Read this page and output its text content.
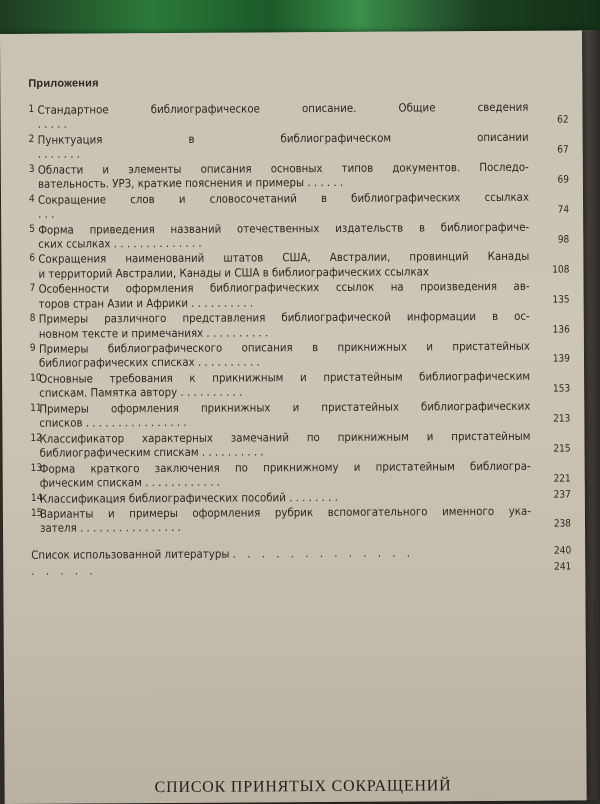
Приложения
1 Стандартное библиографическое описание. Общие сведения
. . . . .	62
2 Пунктуация в библиографическом описании
. . . . . . .	67
3 Области и элементы описания основных типов документов. Последо-
вательность. УРЗ, краткие пояснения и примеры . . . . . .	69
4 Сокращение слов и словосочетаний в библиографических ссылках
. . .	74
5 Форма приведения названий отечественных издательств в библиографиче-
ских ссылках . . . . . . . . . . . . . .	98
6 Сокращения наименований штатов США, Австралии, провинций Канады
и территорий Австралии, Канады и США в библиографических ссылках	108
7 Особенности оформления библиографических ссылок на произведения ав-
торов стран Азии и Африки . . . . . . . . . .	135
8 Примеры различного представления библиографической информации в ос-
новном тексте и примечаниях . . . . . . . . . .	136
9 Примеры библиографического описания в прикнижных и пристатейных
библиографических списках . . . . . . . . . .	139
10
Основные требования к прикнижным и пристатейным библиографическим
спискам. Памятка автору . . . . . . . . . .	153
11
Примеры оформления прикнижных и пристатейных библиографических
списков . . . . . . . . . . . . . . . .	213
12
Классификатор характерных замечаний по прикнижным и пристатейным
библиографическим спискам . . . . . . . . . .	215
13
Форма краткого заключения по прикнижному и пристатейным библиогра-
фическим спискам . . . . . . . . . . . .	221
14
Классификация библиографических пособий . . . . . . . .	237
15
Варианты и примеры оформления рубрик вспомогательного именного ука-
зателя . . . . . . . . . . . . . . . .	238
Список использованной литературы . . . . . . . . . . . . .	240
. . . . .	241
СПИСОК ПРИНЯТЫХ СОКРАЩЕНИЙ
